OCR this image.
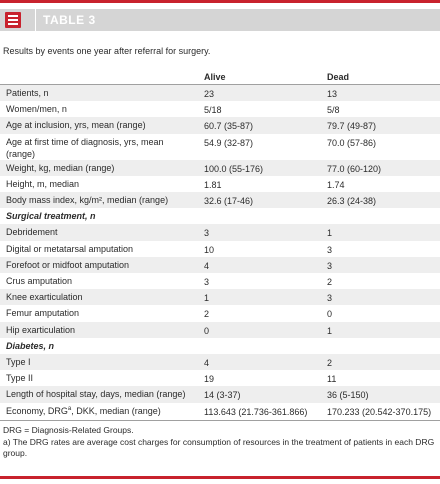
TABLE 3
Results by events one year after referral for surgery.
Alive	Dead
Patients, n	23	13
Women/men, n	5/18	5/8
Age at inclusion, yrs, mean (range)	60.7 (35-87)	79.7 (49-87)
Age at first time of diagnosis, yrs, mean (range)
54.9 (32-87)	70.0 (57-86)
Weight, kg, median (range)	100.0 (55-176)	77.0 (60-120)
Height, m, median	1.81	1.74
Body mass index, kg/m², median (range)	32.6 (17-46)	26.3 (24-38)
Surgical treatment, n
Debridement	3	1
Digital or metatarsal amputation	10	3
Forefoot or midfoot amputation	4	3
Crus amputation	3	2
Knee exarticulation	1	3
Femur amputation	2	0
Hip exarticulation	0	1
Diabetes, n
Type I	4	2
Type II	19	11
Length of hospital stay, days, median (range) 14 (3-37)	36 (5-150)
Economy, DRG$^a$, DKK, median (range)	113.643 (21.736-361.866) 170.233 (20.542-370.175)
DRG = Diagnosis-Related Groups.
a) The DRG rates are average cost charges for consumption of resources in the treatment of patients in each DRG group.
